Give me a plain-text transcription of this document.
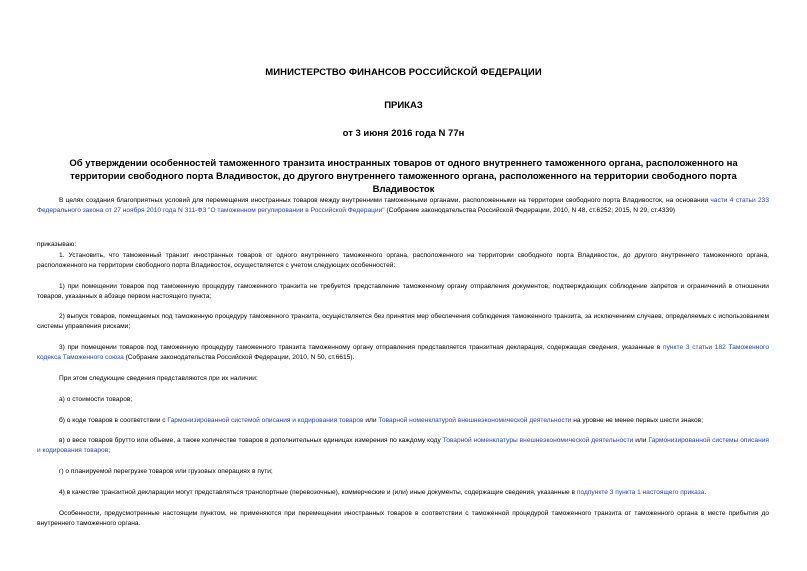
МИНИСТЕРСТВО ФИНАНСОВ РОССИЙСКОЙ ФЕДЕРАЦИИ
ПРИКАЗ
от 3 июня 2016 года N 77н
Об утверждении особенностей таможенного транзита иностранных товаров от одного внутреннего таможенного органа, расположенного на территории свободного порта Владивосток, до другого внутреннего таможенного органа, расположенного на территории свободного порта Владивосток
В целях создания благоприятных условий для перемещения иностранных товаров между внутренними таможенными органами, расположенными на территории свободного порта Владивосток, на основании части 4 статьи 233 Федерального закона от 27 ноября 2010 года N 311-ФЗ "О таможенном регулировании в Российской Федерации" (Собрание законодательства Российской Федерации, 2010, N 48, ст.6252; 2015, N 29, ст.4339)
приказываю:
1. Установить, что таможенный транзит иностранных товаров от одного внутреннего таможенного органа, расположенного на территории свободного порта Владивосток, до другого внутреннего таможенного органа, расположенного на территории свободного порта Владивосток, осуществляется с учетом следующих особенностей:
1) при помещении товаров под таможенную процедуру таможенного транзита не требуется представление таможенному органу отправления документов, подтверждающих соблюдение запретов и ограничений в отношении товаров, указанных в абзаце первом настоящего пункта;
2) выпуск товаров, помещаемых под таможенную процедуру таможенного транзита, осуществляется без принятия мер обеспечения соблюдения таможенного транзита, за исключением случаев, определяемых с использованием системы управления рисками;
3) при помещении товаров под таможенную процедуру таможенного транзита таможенному органу отправления представляется транзитная декларация, содержащая сведения, указанные в пункте 3 статьи 182 Таможенного кодекса Таможенного союза (Собрание законодательства Российской Федерации, 2010, N 50, ст.6615).
При этом следующие сведения представляются при их наличии:
а) о стоимости товаров;
б) о коде товаров в соответствии с Гармонизированной системой описания и кодирования товаров или Товарной номенклатурой внешнеэкономической деятельности на уровне не менее первых шести знаков;
в) о весе товаров брутто или объеме, а также количестве товаров в дополнительных единицах измерения по каждому коду Товарной номенклатуры внешнеэкономической деятельности или Гармонизированной системы описания и кодирования товаров;
г) о планируемой перегрузке товаров или грузовых операциях в пути;
4) в качестве транзитной декларации могут представляться транспортные (перевозочные), коммерческие и (или) иные документы, содержащие сведения, указанные в подпункте 3 пункта 1 настоящего приказа.
Особенности, предусмотренные настоящим пунктом, не применяются при перемещении иностранных товаров в соответствии с таможенной процедурой таможенного транзита от таможенного органа в месте прибытия до внутреннего таможенного органа.
